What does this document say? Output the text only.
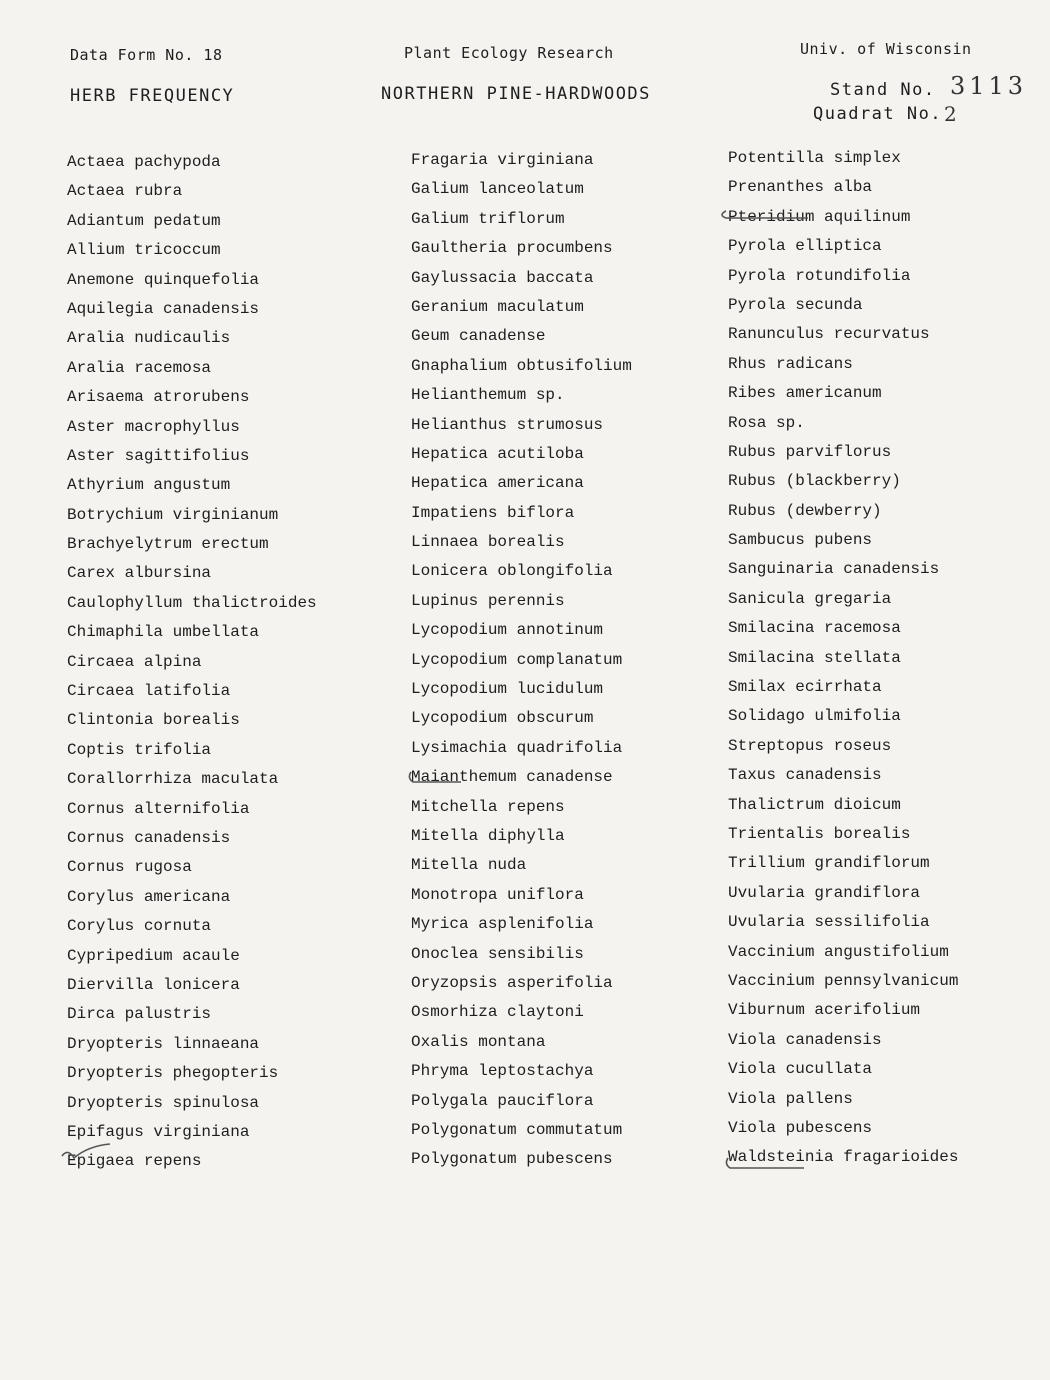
Data Form No. 18	Plant Ecology Research	Univ. of Wisconsin
HERB FREQUENCY	NORTHERN PINE-HARDWOODS	Stand No. 3113
Quadrat No. 2
Actaea pachypoda
Actaea rubra
Adiantum pedatum
Allium tricoccum
Anemone quinquefolia
Aquilegia canadensis
Aralia nudicaulis
Aralia racemosa
Arisaema atrorubens
Aster macrophyllus
Aster sagittifolius
Athyrium angustum
Botrychium virginianum
Brachyelytrum erectum
Carex albursina
Caulophyllum thalictroides
Chimaphila umbellata
Circaea alpina
Circaea latifolia
Clintonia borealis
Coptis trifolia
Corallorrhiza maculata
Cornus alternifolia
Cornus canadensis
Cornus rugosa
Corylus americana
Corylus cornuta
Cypripedium acaule
Diervilla lonicera
Dirca palustris
Dryopteris linnaeana
Dryopteris phegopteris
Dryopteris spinulosa
Epifagus virginiana
Epigaea repens
Fragaria virginiana
Galium lanceolatum
Galium triflorum
Gaultheria procumbens
Gaylussacia baccata
Geranium maculatum
Geum canadense
Gnaphalium obtusifolium
Helianthemum sp.
Helianthus strumosus
Hepatica acutiloba
Hepatica americana
Impatiens biflora
Linnaea borealis
Lonicera oblongifolia
Lupinus perennis
Lycopodium annotinum
Lycopodium complanatum
Lycopodium lucidulum
Lycopodium obscurum
Lysimachia quadrifolia
Maianthemum canadense
Mitchella repens
Mitella diphylla
Mitella nuda
Monotropa uniflora
Myrica asplenifolia
Onoclea sensibilis
Oryzopsis asperifolia
Osmorhiza claytoni
Oxalis montana
Phryma leptostachya
Polygala pauciflora
Polygonatum commutatum
Polygonatum pubescens
Potentilla simplex
Prenanthes alba
Pteridium aquilinum
Pyrola elliptica
Pyrola rotundifolia
Pyrola secunda
Ranunculus recurvatus
Rhus radicans
Ribes americanum
Rosa sp.
Rubus parviflorus
Rubus (blackberry)
Rubus (dewberry)
Sambucus pubens
Sanguinaria canadensis
Sanicula gregaria
Smilacina racemosa
Smilacina stellata
Smilax ecirrhata
Solidago ulmifolia
Streptopus roseus
Taxus canadensis
Thalictrum dioicum
Trientalis borealis
Trillium grandiflorum
Uvularia grandiflora
Uvularia sessilifolia
Vaccinium angustifolium
Vaccinium pennsylvanicum
Viburnum acerifolium
Viola canadensis
Viola cucullata
Viola pallens
Viola pubescens
Waldsteinia fragarioides
